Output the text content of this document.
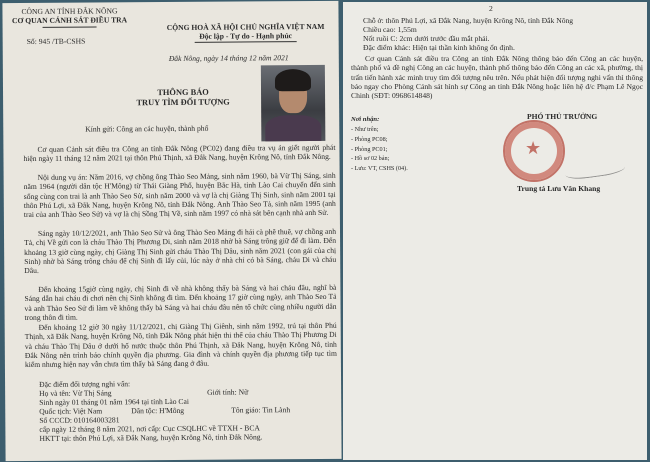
CÔNG AN TỈNH ĐẮK NÔNG
CƠ QUAN CẢNH SÁT ĐIỀU TRA
Số: 945 /TB-CSHS
CỘNG HOÀ XÃ HỘI CHỦ NGHĨA VIỆT NAM
Độc lập - Tự do - Hạnh phúc
Đắk Nông, ngày 14 tháng 12 năm 2021
THÔNG BÁO
TRUY TÌM ĐỐI TƯỢNG
Kính gửi: Công an các huyện, thành phố
Cơ quan Cảnh sát điều tra Công an tỉnh Đắk Nông (PC02) đang điều tra vụ án giết người phát hiện ngày 11 tháng 12 năm 2021 tại thôn Phú Thịnh, xã Đắk Nang, huyện Krông Nô, tỉnh Đắk Nông.
Nội dung vụ án: Năm 2016, vợ chồng ông Thào Seo Mảng, sinh năm 1960, bà Vừ Thị Sáng, sinh năm 1964 (người dân tộc H'Mông) từ Thái Giàng Phố, huyện Bắc Hà, tỉnh Lào Cai chuyển đến sinh sống cùng con trai là anh Thào Seo Sử, sinh năm 2000 và vợ là chị Giàng Thị Sinh, sinh năm 2001 tại thôn Phú Lợi, xã Đắk Nang, huyện Krông Nô, tỉnh Đắk Nông. Anh Thào Seo Tả, sinh năm 1995 (anh trai của anh Thào Seo Sử) và vợ là chị Sồng Thị Về, sinh năm 1997 có nhà sát bên cạnh nhà anh Sử.
Sáng ngày 10/12/2021, anh Thào Seo Sử và ông Thào Seo Mảng đi hái cà phê thuê, vợ chồng anh Tả, chị Về gửi con là cháu Thào Thị Phương Di, sinh năm 2018 nhờ bà Sáng trông giữ để đi làm. Đến khoảng 13 giờ cùng ngày, chị Giàng Thị Sinh gửi cháu Thào Thị Dâu, sinh năm 2021 (con gái của chị Sinh) nhờ bà Sáng trông cháu để chị Sinh đi lấy củi, lúc này ở nhà chỉ có bà Sáng, cháu Di và cháu Dâu.
Đến khoảng 15giờ cùng ngày, chị Sinh đi về nhà không thấy bà Sáng và hai cháu đâu, nghĩ bà Sáng dẫn hai cháu đi chơi nên chị Sinh không đi tìm. Đến khoảng 17 giờ cùng ngày, anh Thào Seo Tả và anh Thào Seo Sử đi làm về không thấy bà Sáng và hai cháu đâu nên tổ chức cùng nhiều người dân trong thôn đi tìm.
Đến khoảng 12 giờ 30 ngày 11/12/2021, chị Giàng Thị Giênh, sinh năm 1992, trú tại thôn Phú Thịnh, xã Đắk Nang, huyện Krông Nô, tỉnh Đắk Nông phát hiện thi thể của cháu Thào Thị Phương Di và cháu Thào Thị Dâu ở dưới hố nước thuộc thôn Phú Thịnh, xã Đắk Nang, huyện Krông Nô, tỉnh Đắk Nông nên trình báo chính quyền địa phương. Gia đình và chính quyền địa phương tiếp tục tìm kiếm nhưng hiện nay vẫn chưa tìm thấy bà Sáng đang ở đâu.
Đặc điểm đối tượng nghi vấn:
Họ và tên: Vừ Thị Sáng	Giới tính: Nữ
Sinh ngày 01 tháng 01 năm 1964 tại tỉnh Lào Cai
Quốc tịch: Việt Nam	Dân tộc: H'Mông	Tôn giáo: Tin Lành
Số CCCD: 010164003281
cấp ngày 12 tháng 8 năm 2021, nơi cấp: Cục CSQLHC về TTXH - BCA
HKTT tại: thôn Phú Lợi, xã Đắk Nang, huyện Krông Nô, tỉnh Đắk Nông.
2
Chỗ ở: thôn Phú Lợi, xã Đắk Nang, huyện Krông Nô, tỉnh Đắk Nông
Chiều cao: 1,55m
Nốt ruồi C: 2cm dưới trước đầu mắt phải.
Đặc điểm khác: Hiện tại thần kinh không ổn định.
Cơ quan Cảnh sát điều tra Công an tỉnh Đắk Nông thông báo đến Công an các huyện, thành phố và đề nghị Công an các huyện, thành phố thông báo đến Công an các xã, phường, thị trấn tiến hành xác minh truy tìm đối tượng nêu trên. Nếu phát hiện đối tượng nghi vấn thì thông báo ngay cho Phòng Cảnh sát hình sự Công an tỉnh Đắk Nông hoặc liên hệ đ/c Phạm Lê Ngọc Chinh (SĐT: 0968614848)
Nơi nhận:
- Như trên;
- Phòng PC08;
- Phòng PC01;
- Hồ sơ 02 bản;
- Lưu: VT, CSHS (04).
PHÓ THỦ TRƯỞNG
★
Trung tá Lưu Văn Khang
